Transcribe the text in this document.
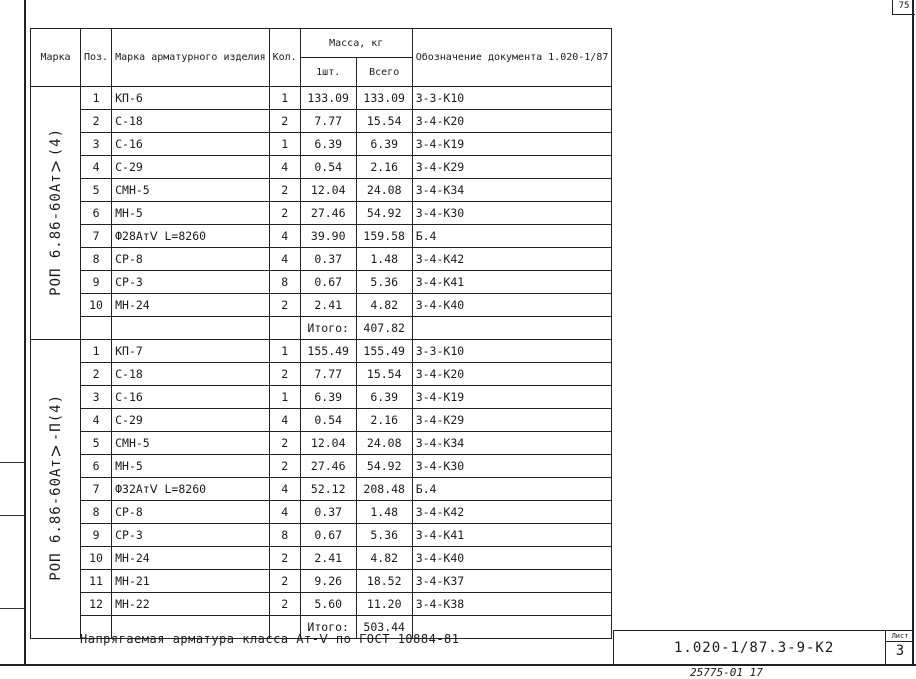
75
Марка	Поз.	Марка арматурного изделия	Кол.	Масса, кг		Обозначение документа 1.020-1/87
				1шт.	Всего	
РОП 6.86-60АтⅤ(4)	1	КП-6	1	133.09	133.09	3-3-К10
	2	С-18	2	7.77	15.54	3-4-К20
	3	С-16	1	6.39	6.39	3-4-К19
	4	С-29	4	0.54	2.16	3-4-К29
	5	СМН-5	2	12.04	24.08	3-4-К34
	6	МН-5	2	27.46	54.92	3-4-К30
	7	Ф28АтⅤ L=8260	4	39.90	159.58	Б.4
	8	СР-8	4	0.37	1.48	3-4-К42
	9	СР-3	8	0.67	5.36	3-4-К41
	10	МН-24	2	2.41	4.82	3-4-К40
				Итого:	407.82	
РОП 6.86-60АтⅤ-П(4)	1	КП-7	1	155.49	155.49	3-3-К10
	2	С-18	2	7.77	15.54	3-4-К20
	3	С-16	1	6.39	6.39	3-4-К19
	4	С-29	4	0.54	2.16	3-4-К29
	5	СМН-5	2	12.04	24.08	3-4-К34
	6	МН-5	2	27.46	54.92	3-4-К30
	7	Ф32АтⅤ L=8260	4	52.12	208.48	Б.4
	8	СР-8	4	0.37	1.48	3-4-К42
	9	СР-3	8	0.67	5.36	3-4-К41
	10	МН-24	2	2.41	4.82	3-4-К40
	11	МН-21	2	9.26	18.52	3-4-К37
	12	МН-22	2	5.60	11.20	3-4-К38
				Итого:	503.44	
Напрягаемая арматура класса Ат-Ⅴ по ГОСТ 10884-81
1.020-1/87.3-9-К2
Лист
3
25775-01 17
